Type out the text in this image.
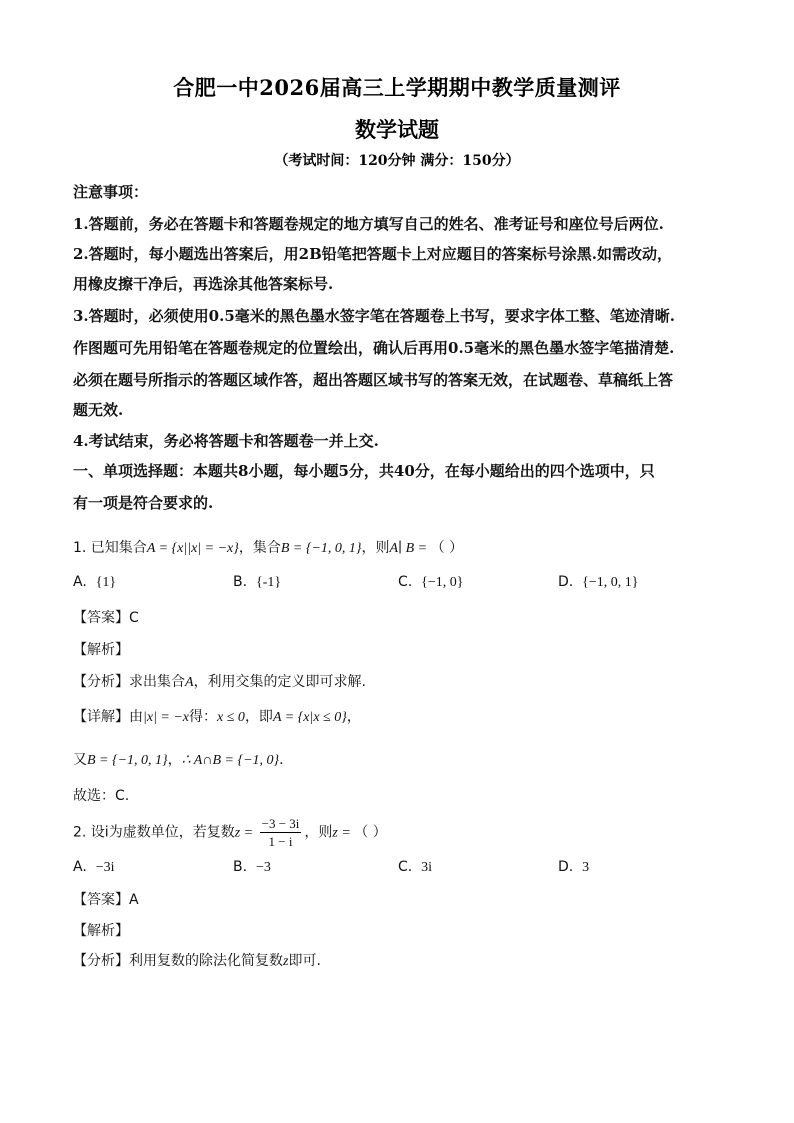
合肥一中2026届高三上学期期中教学质量测评
数学试题
（考试时间：120分钟 满分：150分）
注意事项：
1.答题前，务必在答题卡和答题卷规定的地方填写自己的姓名、准考证号和座位号后两位.
2.答题时，每小题选出答案后，用2B铅笔把答题卡上对应题目的答案标号涂黑.如需改动，
用橡皮擦干净后，再选涂其他答案标号.
3.答题时，必须使用0.5毫米的黑色墨水签字笔在答题卷上书写，要求字体工整、笔迹清晰.
作图题可先用铅笔在答题卷规定的位置绘出，确认后再用0.5毫米的黑色墨水签字笔描清楚.
必须在题号所指示的答题区域作答，超出答题区域书写的答案无效，在试题卷、草稿纸上答
题无效.
4.考试结束，务必将答题卡和答题卷一并上交.
一、单项选择题：本题共8小题，每小题5分，共40分，在每小题给出的四个选项中，只
有一项是符合要求的.
1. 已知集合A = {x||x| = −x}，集合B = {−1, 0, 1}，则A∣ B = （ ）
A. {1}	B. {-1}	C. {−1, 0}	D. {−1, 0, 1}
【答案】C
【解析】
【分析】求出集合A，利用交集的定义即可求解.
【详解】由|x| = −x得：x ≤ 0，即A = {x|x ≤ 0}，
又B = {−1, 0, 1}，∴ A∩B = {−1, 0}.
故选：C.
2. 设i为虚数单位，若复数$z = \frac{-3 - 3i}{1 - i}$ ，则z = （ ）
A. −3i	B. −3	C. 3i	D. 3
【答案】A
【解析】
【分析】利用复数的除法化简复数z即可.
